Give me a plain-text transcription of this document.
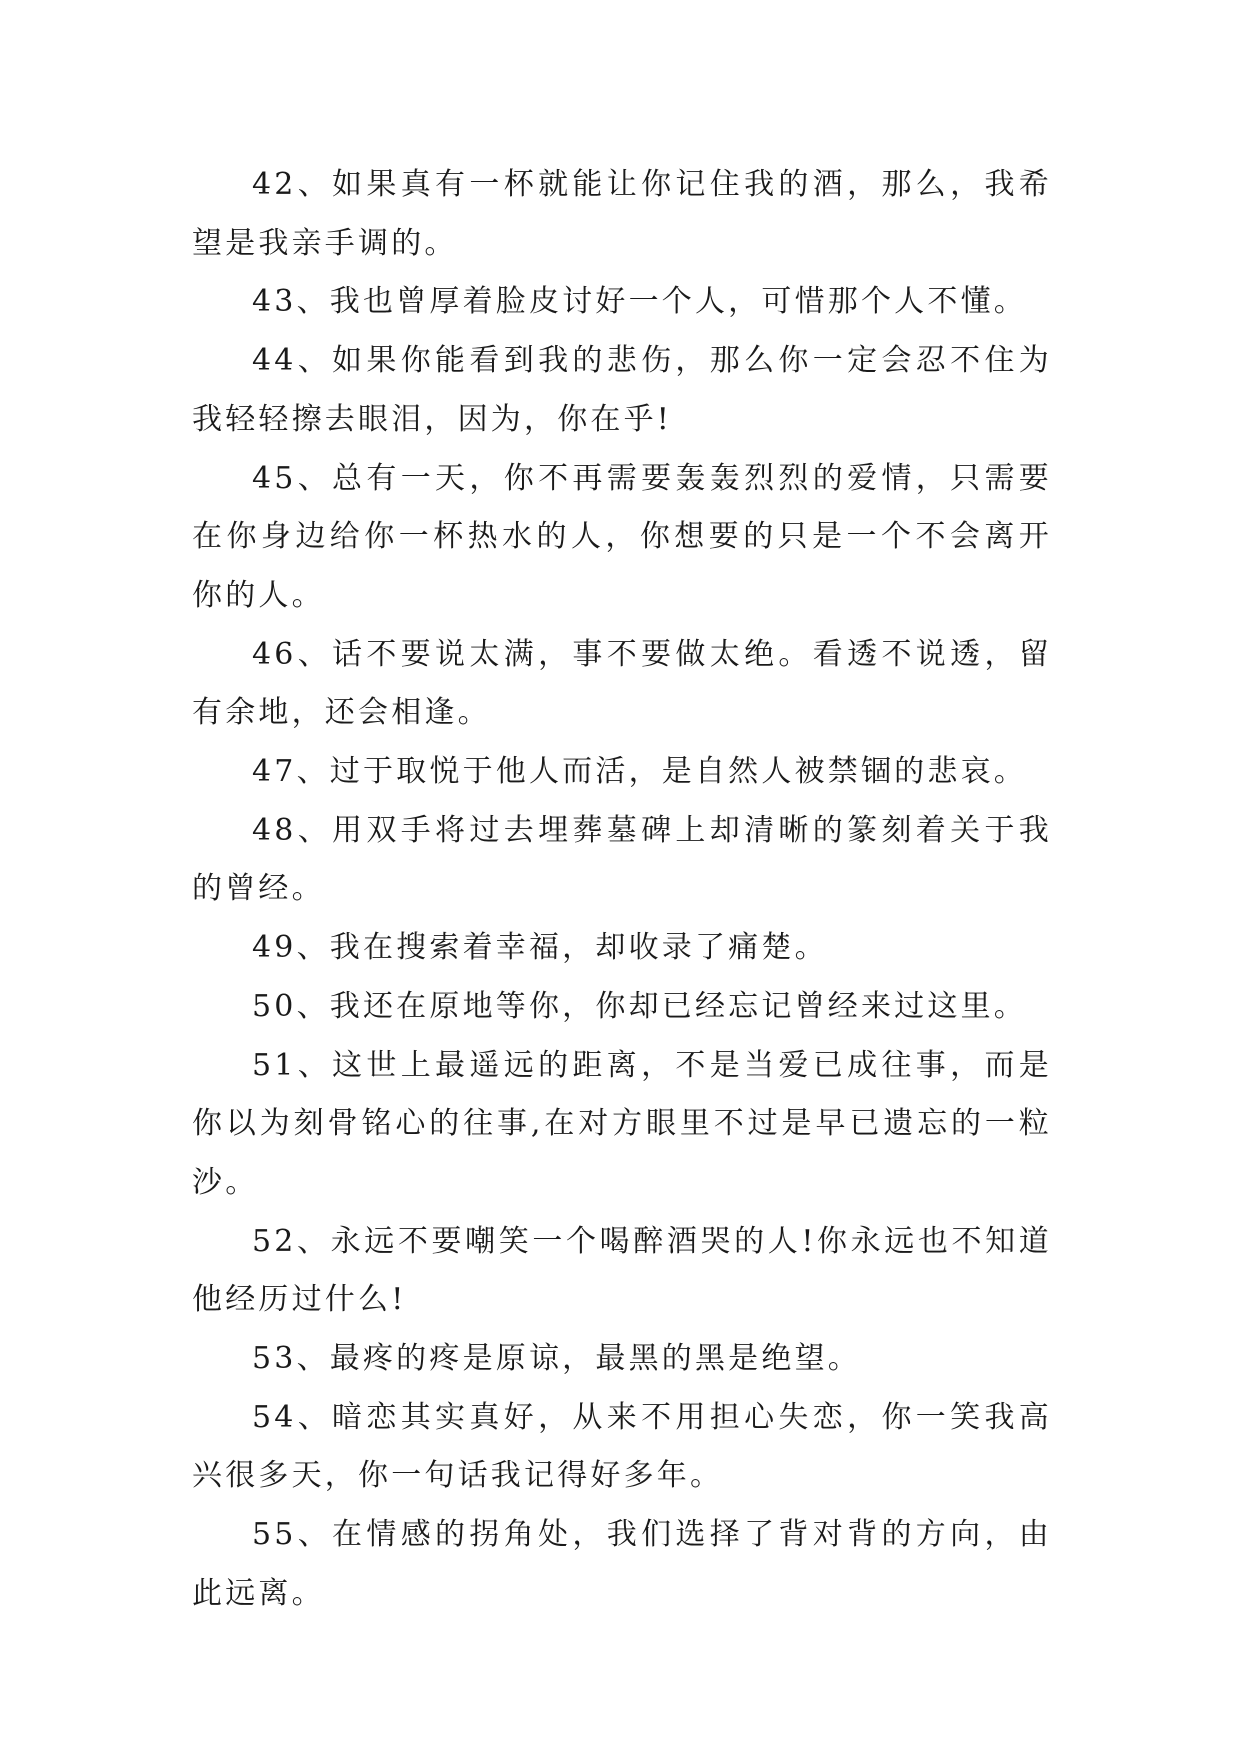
42、如果真有一杯就能让你记住我的酒，那么，我希望是我亲手调的。

43、我也曾厚着脸皮讨好一个人，可惜那个人不懂。

44、如果你能看到我的悲伤，那么你一定会忍不住为我轻轻擦去眼泪，因为，你在乎!

45、总有一天，你不再需要轰轰烈烈的爱情，只需要在你身边给你一杯热水的人，你想要的只是一个不会离开你的人。

46、话不要说太满，事不要做太绝。看透不说透，留有余地，还会相逢。

47、过于取悦于他人而活，是自然人被禁锢的悲哀。

48、用双手将过去埋葬墓碑上却清晰的篆刻着关于我的曾经。

49、我在搜索着幸福，却收录了痛楚。

50、我还在原地等你，你却已经忘记曾经来过这里。

51、这世上最遥远的距离，不是当爱已成往事，而是你以为刻骨铭心的往事,在对方眼里不过是早已遗忘的一粒沙。

52、永远不要嘲笑一个喝醉酒哭的人!你永远也不知道他经历过什么!

53、最疼的疼是原谅，最黑的黑是绝望。

54、暗恋其实真好，从来不用担心失恋，你一笑我高兴很多天，你一句话我记得好多年。

55、在情感的拐角处，我们选择了背对背的方向，由此远离。
